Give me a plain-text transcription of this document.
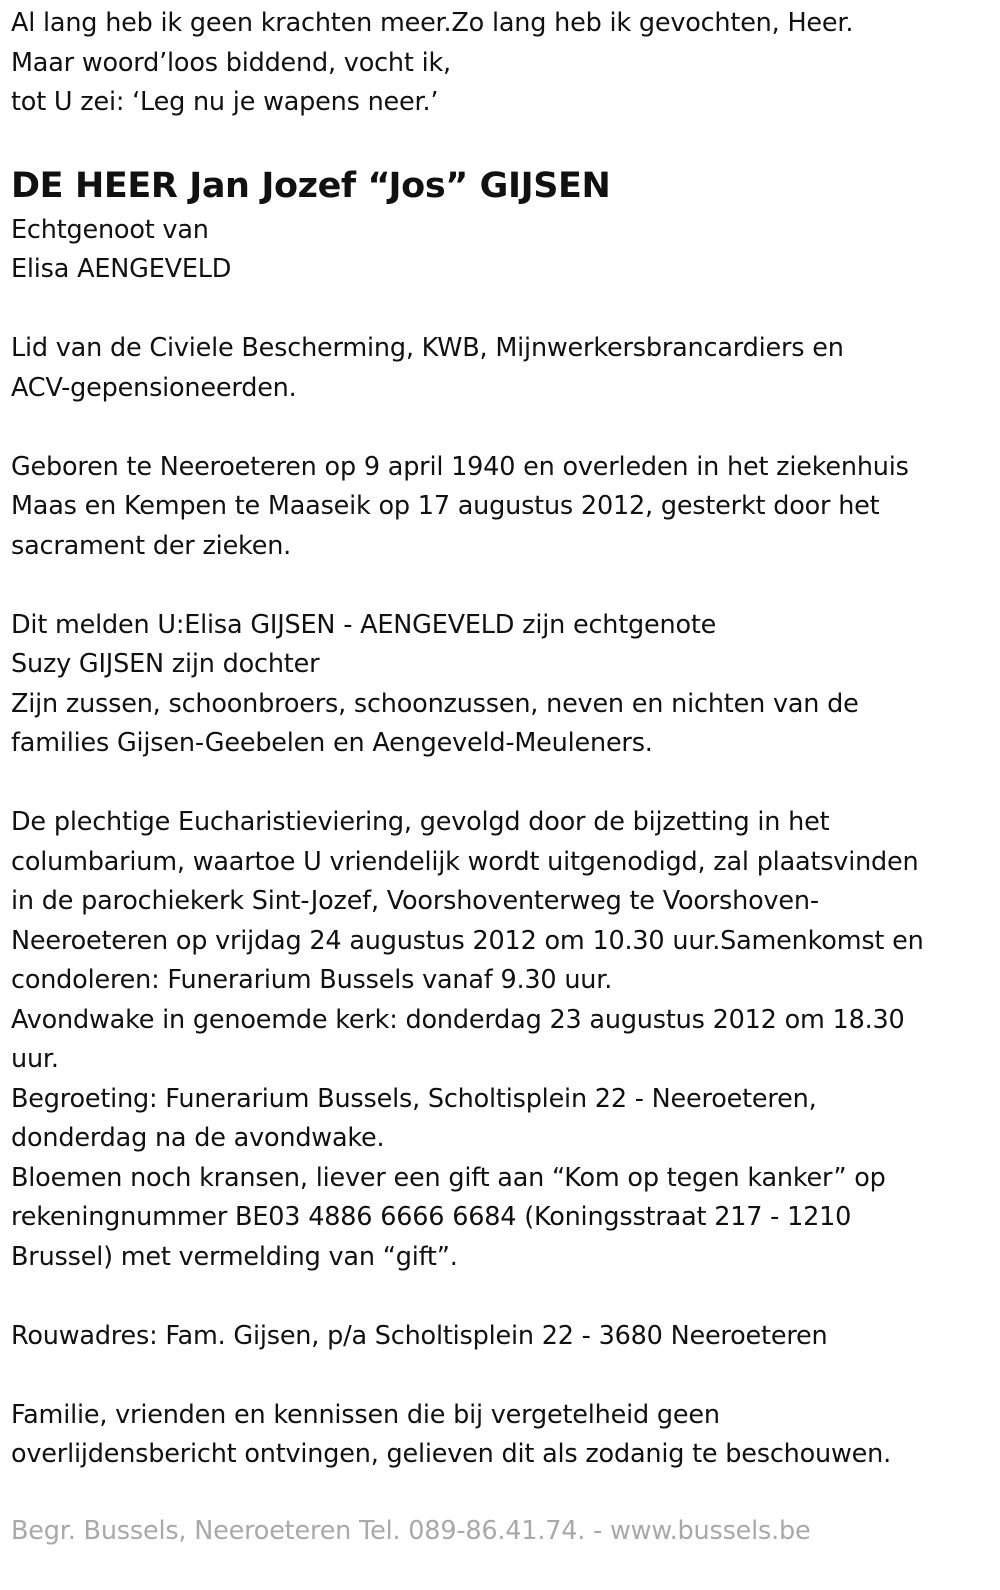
Al lang heb ik geen krachten meer.Zo lang heb ik gevochten, Heer.
Maar woord’loos biddend, vocht ik,
tot U zei: ‘Leg nu je wapens neer.’
DE HEER Jan Jozef “Jos” GIJSEN
Echtgenoot van
Elisa AENGEVELD
Lid van de Civiele Bescherming, KWB, Mijnwerkersbrancardiers en
ACV-gepensioneerden.
Geboren te Neeroeteren op 9 april 1940 en overleden in het ziekenhuis
Maas en Kempen te Maaseik op 17 augustus 2012, gesterkt door het
sacrament der zieken.
Dit melden U:Elisa GIJSEN - AENGEVELD zijn echtgenote
Suzy GIJSEN zijn dochter
Zijn zussen, schoonbroers, schoonzussen, neven en nichten van de
families Gijsen-Geebelen en Aengeveld-Meuleners.
De plechtige Eucharistieviering, gevolgd door de bijzetting in het
columbarium, waartoe U vriendelijk wordt uitgenodigd, zal plaatsvinden
in de parochiekerk Sint-Jozef, Voorshoventerweg te Voorshoven-
Neeroeteren op vrijdag 24 augustus 2012 om 10.30 uur.Samenkomst en
condoleren: Funerarium Bussels vanaf 9.30 uur.
Avondwake in genoemde kerk: donderdag 23 augustus 2012 om 18.30
uur.
Begroeting: Funerarium Bussels, Scholtisplein 22 - Neeroeteren,
donderdag na de avondwake.
Bloemen noch kransen, liever een gift aan “Kom op tegen kanker” op
rekeningnummer BE03 4886 6666 6684 (Koningsstraat 217 - 1210
Brussel) met vermelding van “gift”.
Rouwadres: Fam. Gijsen, p/a Scholtisplein 22 - 3680 Neeroeteren
Familie, vrienden en kennissen die bij vergetelheid geen
overlijdensbericht ontvingen, gelieven dit als zodanig te beschouwen.
Begr. Bussels, Neeroeteren Tel. 089-86.41.74. - www.bussels.be
